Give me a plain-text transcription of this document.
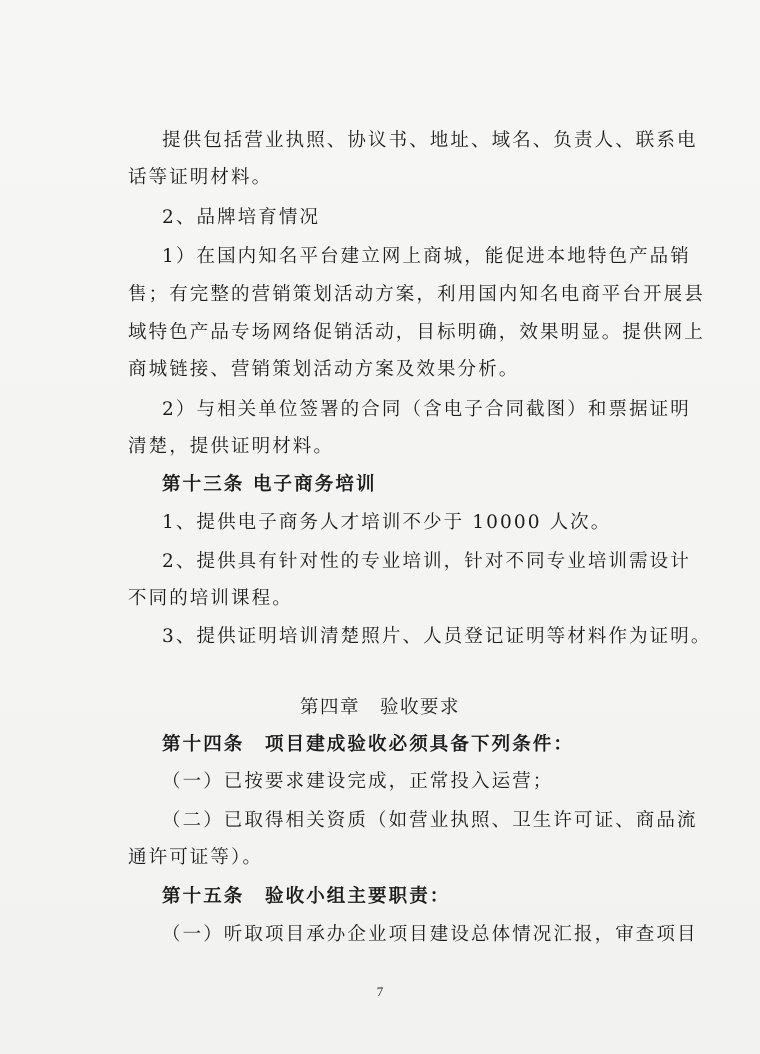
提供包括营业执照、协议书、地址、域名、负责人、联系电
话等证明材料。
2、品牌培育情况
1）在国内知名平台建立网上商城，能促进本地特色产品销
售；有完整的营销策划活动方案，利用国内知名电商平台开展县
域特色产品专场网络促销活动，目标明确，效果明显。提供网上
商城链接、营销策划活动方案及效果分析。
2）与相关单位签署的合同（含电子合同截图）和票据证明
清楚，提供证明材料。
第十三条 电子商务培训
1、提供电子商务人才培训不少于 10000 人次。
2、提供具有针对性的专业培训，针对不同专业培训需设计
不同的培训课程。
3、提供证明培训清楚照片、人员登记证明等材料作为证明。
第四章　验收要求
第十四条　项目建成验收必须具备下列条件：
（一）已按要求建设完成，正常投入运营；
（二）已取得相关资质（如营业执照、卫生许可证、商品流
通许可证等）。
第十五条　验收小组主要职责：
（一）听取项目承办企业项目建设总体情况汇报，审查项目
7
